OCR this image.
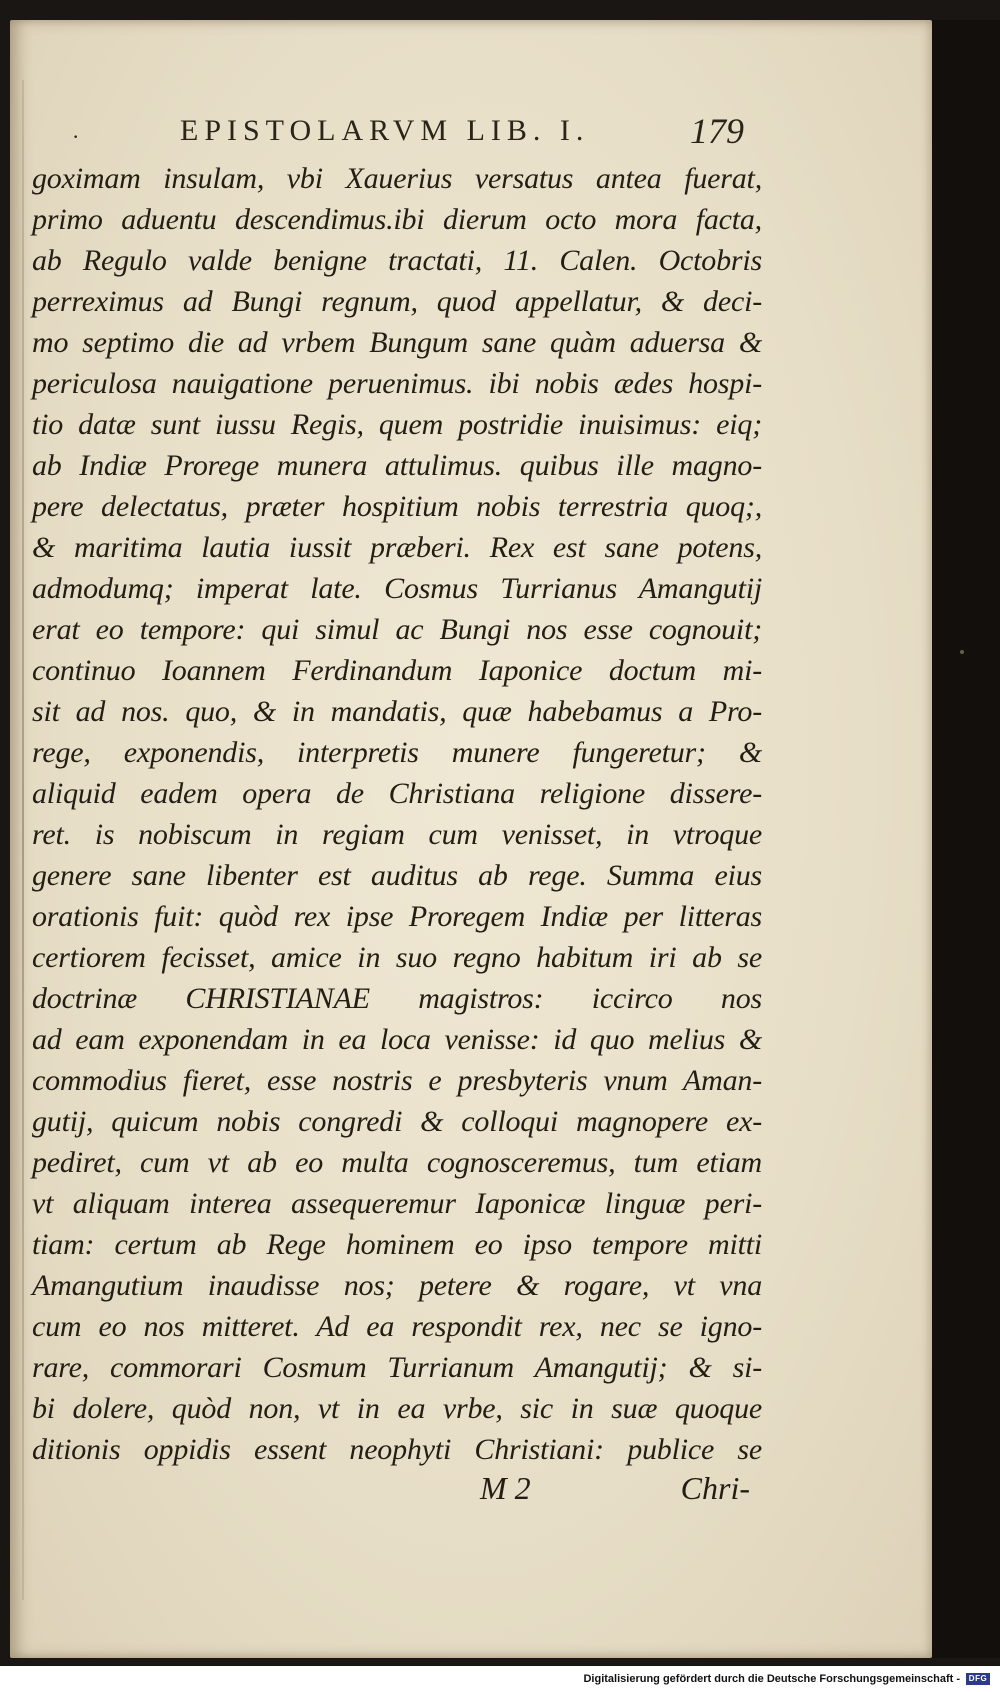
·	EPISTOLARVM LIB. I.	179
goximam insulam, vbi Xauerius versatus antea fuerat,
primo aduentu descendimus.ibi dierum octo mora facta,
ab Regulo valde benigne tractati, 11. Calen. Octobris
perreximus ad Bungi regnum, quod appellatur, & deci-
mo septimo die ad vrbem Bungum sane quàm aduersa &
periculosa nauigatione peruenimus. ibi nobis ædes hospi-
tio datæ sunt iussu Regis, quem postridie inuisimus: eiq;
ab Indiæ Prorege munera attulimus. quibus ille magno-
pere delectatus, præter hospitium nobis terrestria quoq;,
& maritima lautia iussit præberi. Rex est sane potens,
admodumq; imperat late. Cosmus Turrianus Amangutij
erat eo tempore: qui simul ac Bungi nos esse cognouit;
continuo Ioannem Ferdinandum Iaponice doctum mi-
sit ad nos. quo, & in mandatis, quæ habebamus a Pro-
rege, exponendis, interpretis munere fungeretur; &
aliquid eadem opera de Christiana religione dissere-
ret. is nobiscum in regiam cum venisset, in vtroque
genere sane libenter est auditus ab rege. Summa eius
orationis fuit: quòd rex ipse Proregem Indiæ per litteras
certiorem fecisset, amice in suo regno habitum iri ab se
doctrinæ CHRISTIANAE magistros: iccirco nos
ad eam exponendam in ea loca venisse: id quo melius &
commodius fieret, esse nostris e presbyteris vnum Aman-
gutij, quicum nobis congredi & colloqui magnopere ex-
pediret, cum vt ab eo multa cognosceremus, tum etiam
vt aliquam interea assequeremur Iaponicæ linguæ peri-
tiam: certum ab Rege hominem eo ipso tempore mitti
Amangutium inaudisse nos; petere & rogare, vt vna
cum eo nos mitteret. Ad ea respondit rex, nec se igno-
rare, commorari Cosmum Turrianum Amangutij; & si-
bi dolere, quòd non, vt in ea vrbe, sic in suæ quoque
ditionis oppidis essent neophyti Christiani: publice se
M 2	Chri-
Digitalisierung gefördert durch die Deutsche Forschungsgemeinschaft -	DFG
